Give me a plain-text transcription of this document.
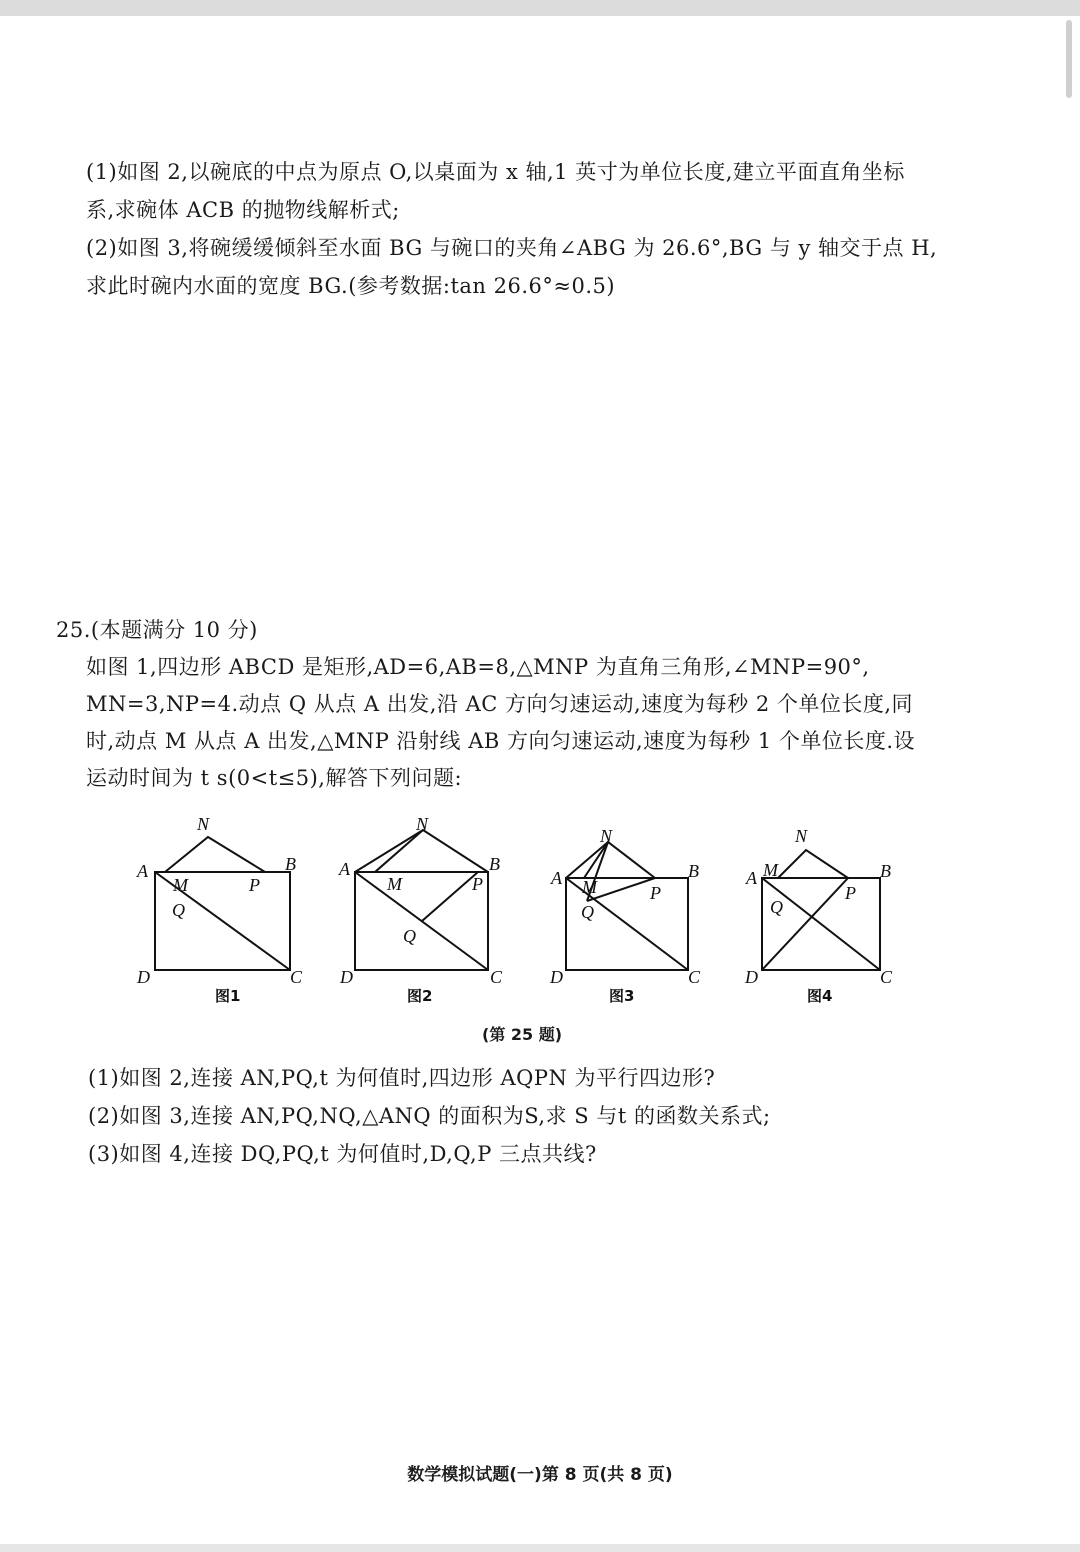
(1)如图 2,以碗底的中点为原点 O,以桌面为 x 轴,1 英寸为单位长度,建立平面直角坐标
系,求碗体 ACB 的抛物线解析式;
(2)如图 3,将碗缓缓倾斜至水面 BG 与碗口的夹角∠ABG 为 26.6°,BG 与 y 轴交于点 H,
求此时碗内水面的宽度 BG.(参考数据:tan 26.6°≈0.5)
25.(本题满分 10 分)
如图 1,四边形 ABCD 是矩形,AD=6,AB=8,△MNP 为直角三角形,∠MNP=90°,
MN=3,NP=4.动点 Q 从点 A 出发,沿 AC 方向匀速运动,速度为每秒 2 个单位长度,同
时,动点 M 从点 A 出发,△MNP 沿射线 AB 方向匀速运动,速度为每秒 1 个单位长度.设
运动时间为 t s(0<t≤5),解答下列问题:
N
A
M	P
B
Q
D	C
图1
N
A
M	P
B
Q
D	C
图2
N
A M	P
B
Q
D	C
图3
N
A M
P
B
Q
D	C
图4
(第 25 题)
(1)如图 2,连接 AN,PQ,t 为何值时,四边形 AQPN 为平行四边形?
(2)如图 3,连接 AN,PQ,NQ,△ANQ 的面积为S,求 S 与t 的函数关系式;
(3)如图 4,连接 DQ,PQ,t 为何值时,D,Q,P 三点共线?
数学模拟试题(一)第 8 页(共 8 页)
